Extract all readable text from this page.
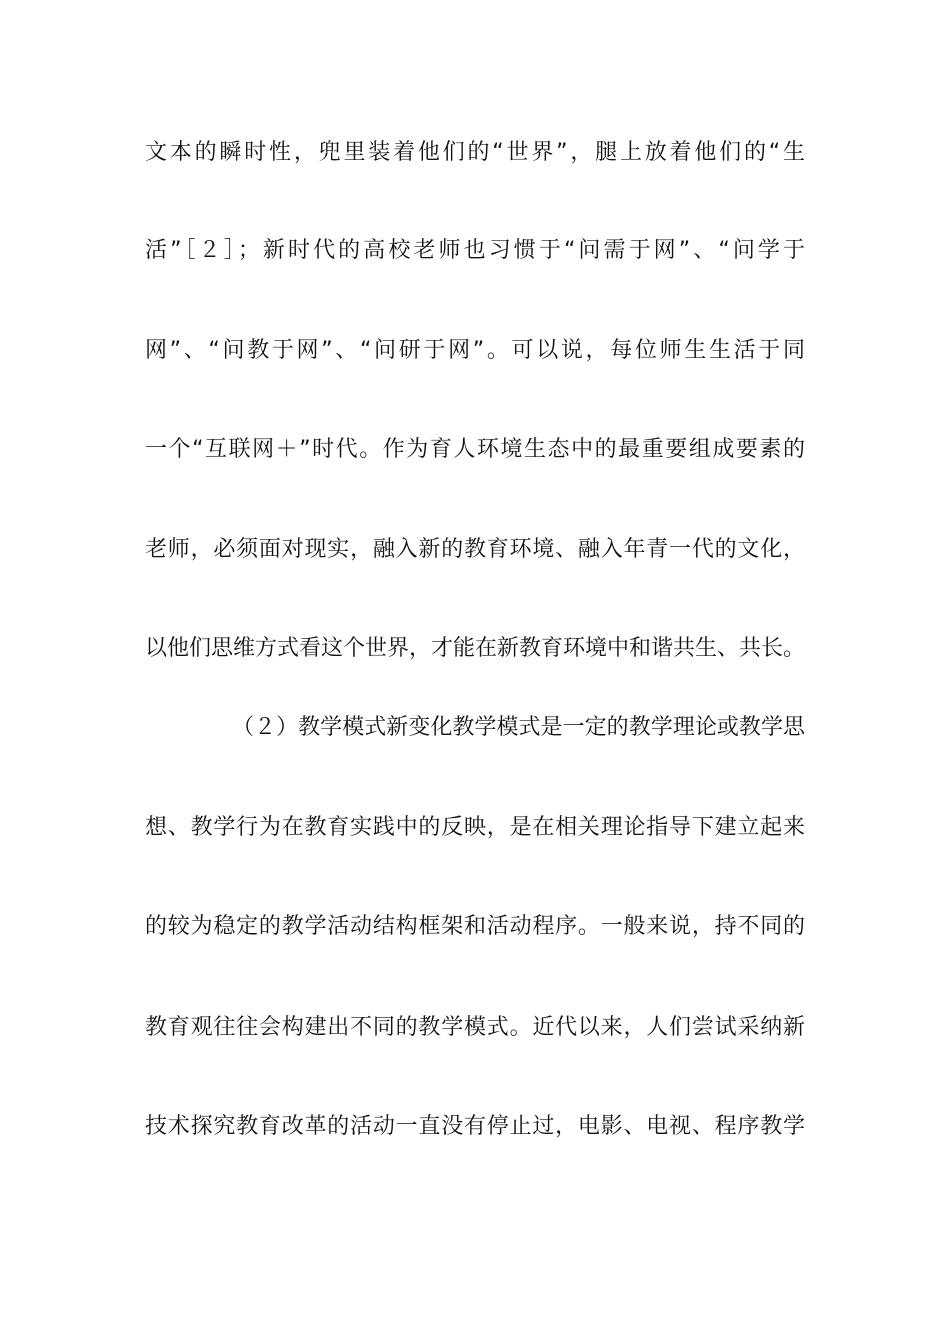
文本的瞬时性，兜里装着他们的“世界”，腿上放着他们的“生

活”［２］；新时代的高校老师也习惯于“问需于网”、“问学于

网”、“问教于网”、“问研于网”。可以说，每位师生生活于同

一个“互联网＋”时代。作为育人环境生态中的最重要组成要素的

老师，必须面对现实，融入新的教育环境、融入年青一代的文化，

以他们思维方式看这个世界，才能在新教育环境中和谐共生、共长。

（２）教学模式新变化教学模式是一定的教学理论或教学思

想、教学行为在教育实践中的反映，是在相关理论指导下建立起来

的较为稳定的教学活动结构框架和活动程序。一般来说，持不同的

教育观往往会构建出不同的教学模式。近代以来，人们尝试采纳新

技术探究教育改革的活动一直没有停止过，电影、电视、程序教学
